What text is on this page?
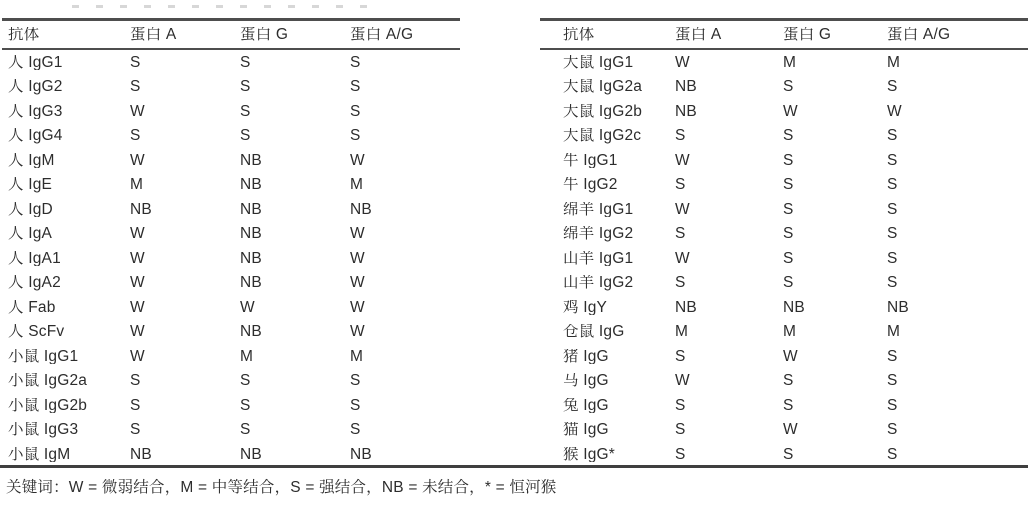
抗体	蛋白 A	蛋白 G	蛋白 A/G
人 IgG1	S	S	S
人 IgG2	S	S	S
人 IgG3	W	S	S
人 IgG4	S	S	S
人 IgM	W	NB	W
人 IgE	M	NB	M
人 IgD	NB	NB	NB
人 IgA	W	NB	W
人 IgA1	W	NB	W
人 IgA2	W	NB	W
人 Fab	W	W	W
人 ScFv	W	NB	W
小鼠 IgG1	W	M	M
小鼠 IgG2a	S	S	S
小鼠 IgG2b	S	S	S
小鼠 IgG3	S	S	S
小鼠 IgM	NB	NB	NB
抗体	蛋白 A	蛋白 G	蛋白 A/G
大鼠 IgG1	W	M	M
大鼠 IgG2a	NB	S	S
大鼠 IgG2b	NB	W	W
大鼠 IgG2c	S	S	S
牛 IgG1	W	S	S
牛 IgG2	S	S	S
绵羊 IgG1	W	S	S
绵羊 IgG2	S	S	S
山羊 IgG1	W	S	S
山羊 IgG2	S	S	S
鸡 IgY	NB	NB	NB
仓鼠 IgG	M	M	M
猪 IgG	S	W	S
马 IgG	W	S	S
兔 IgG	S	S	S
猫 IgG	S	W	S
猴 IgG*	S	S	S
关键词：W = 微弱结合，M = 中等结合，S = 强结合，NB = 未结合，* = 恒河猴
